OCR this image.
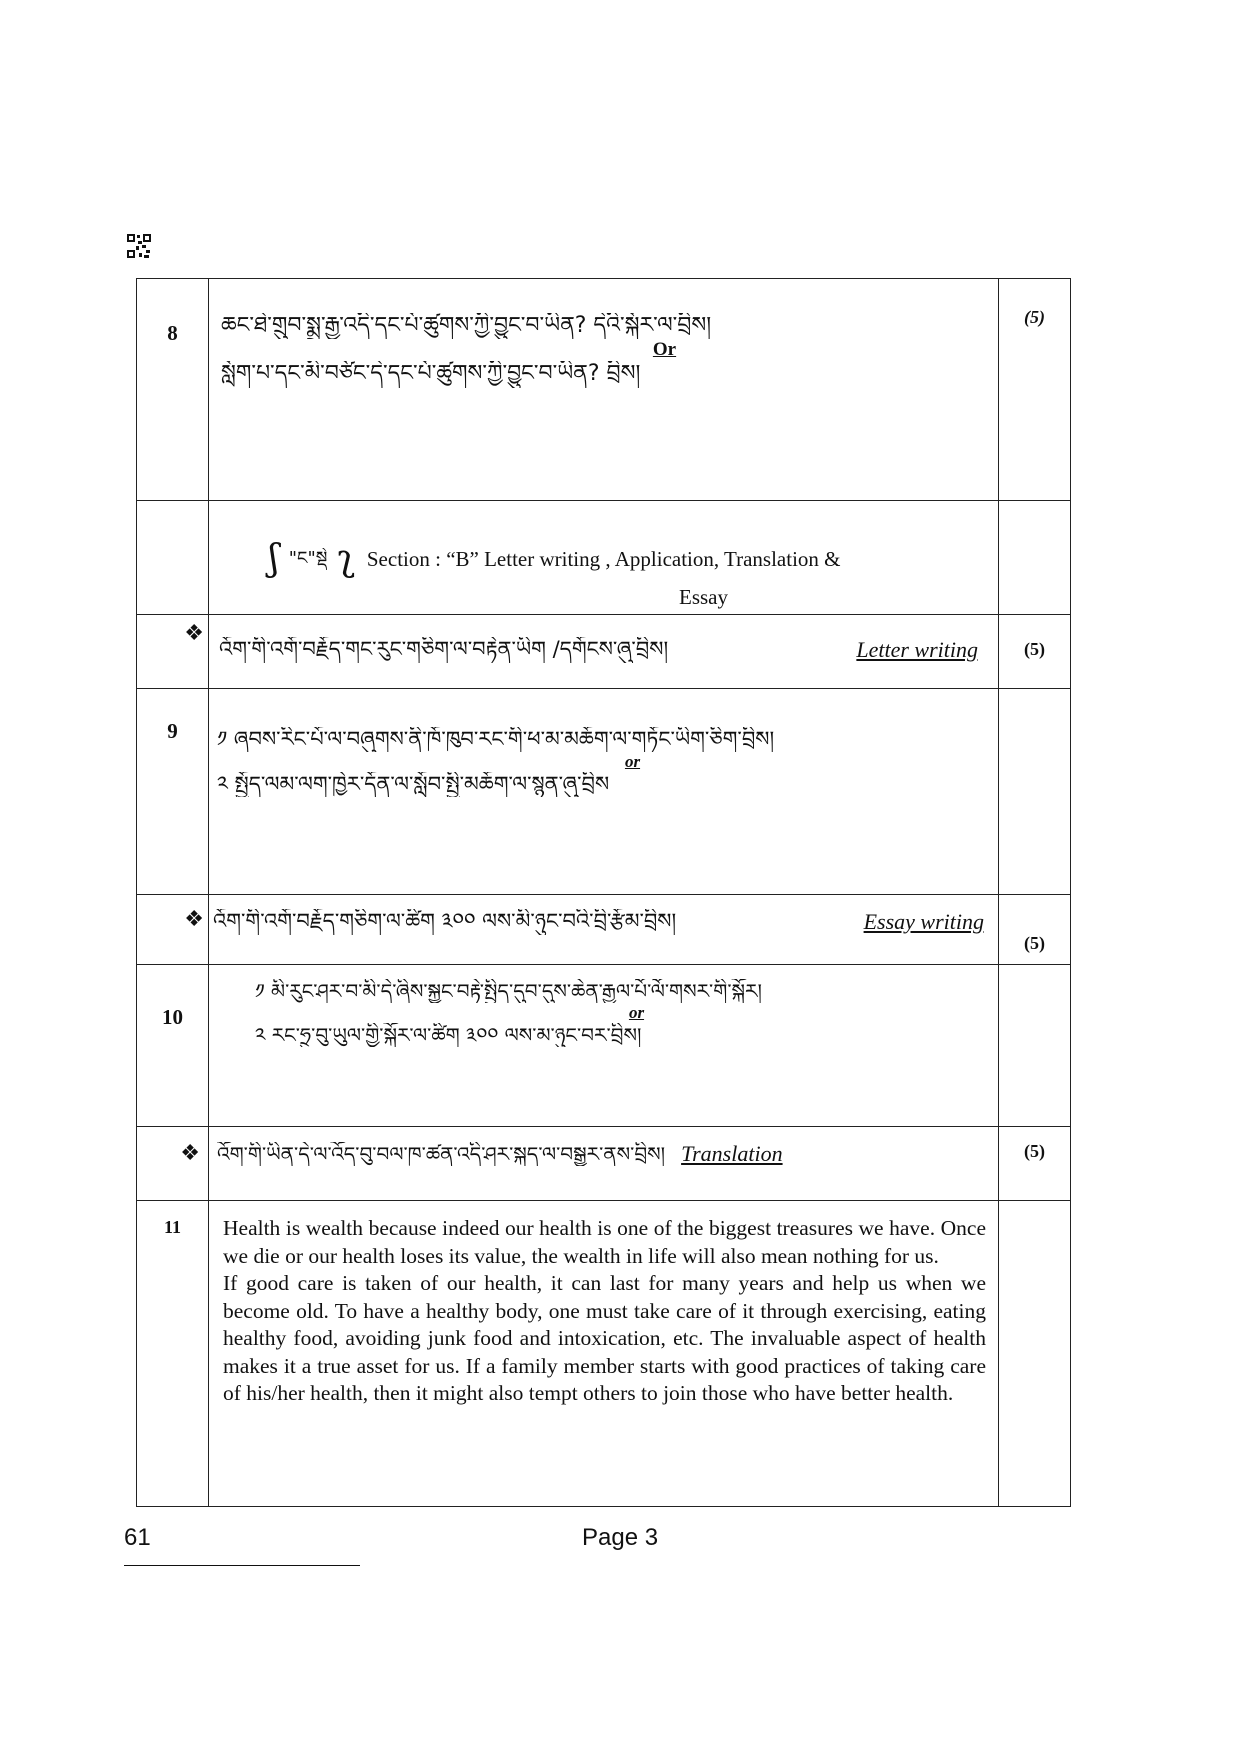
8	ཆང་ཐེ་གྲུབ་སྨྲ་རྒྱ་འདི་དང་པོ་ཚུགས་ཀྱི་བྱུང་བ་ཡིན? དེའི་སྐོར་ལ་བྲིས།
Or
སློག་པ་དང་མི་བཙོང་དེ་དང་པོ་ཚུགས་ཀྱི་བྱུང་བ་ཡིན? བྲིས།	(5)

	ʃ "ང"སྡེ ʅ Section : “B” Letter writing , Application, Translation &
Essay	

❖	འོག་གི་འགོ་བརྗོད་གང་རུང་གཅིག་ལ་བརྟེན་ཡིག /དགོངས་ཞུ་བྲིས། Letter writing	(5)
9	༡ ཞབས་རིང་པོ་ལ་བཞུགས་ནི་ཁོ་ཁུབ་རང་གི་ཕ་མ་མཆོག་ལ་གཏོང་ཡིག་ཅིག་བྲིས།
or
༢ སྤྱོད་ལམ་ལག་ཁྱེར་དོན་ལ་སློབ་སྤྱི་མཆོག་ལ་སྙན་ཞུ་བྲིས	

❖	འོག་གི་འགོ་བརྗོད་གཅིག་ལ་ཚིག ༣༠༠ ལས་མི་ཉུང་བའི་བྲི་རྩོམ་བྲིས། Essay writing	(5)
10	༡ མི་རུང་ཤར་བ་མི་དེ་ཞིས་སྐྱུང་བརྟེ་སྤྱིད་དུབ་དུས་ཆེན་རྒྱལ་པོ་ལོ་གསར་གི་སྐོར།
or
༢ རང་ཧྲུ་བུ་ཡུལ་གྱི་སྐོར་ལ་ཚིག ༣༠༠ ལས་མ་ཉུང་བར་བྲིས།	

❖	འོག་གི་ཡིན་དེ་ལ་འོད་བུ་བལ་ཁ་ཚན་འདི་ཤར་སྐད་ལ་བསྒྱུར་ནས་བྲིས། Translation	(5)
11	Health is wealth because indeed our health is one of the biggest treasures we have. Once we die or our health loses its value, the wealth in life will also mean nothing for us.

If good care is taken of our health, it can last for many years and help us when we become old. To have a healthy body, one must take care of it through exercising, eating healthy food, avoiding junk food and intoxication, etc. The invaluable aspect of health makes it a true asset for us. If a family member starts with good practices of taking care of his/her health, then it might also tempt others to join those who have better health.	

61	Page 3
